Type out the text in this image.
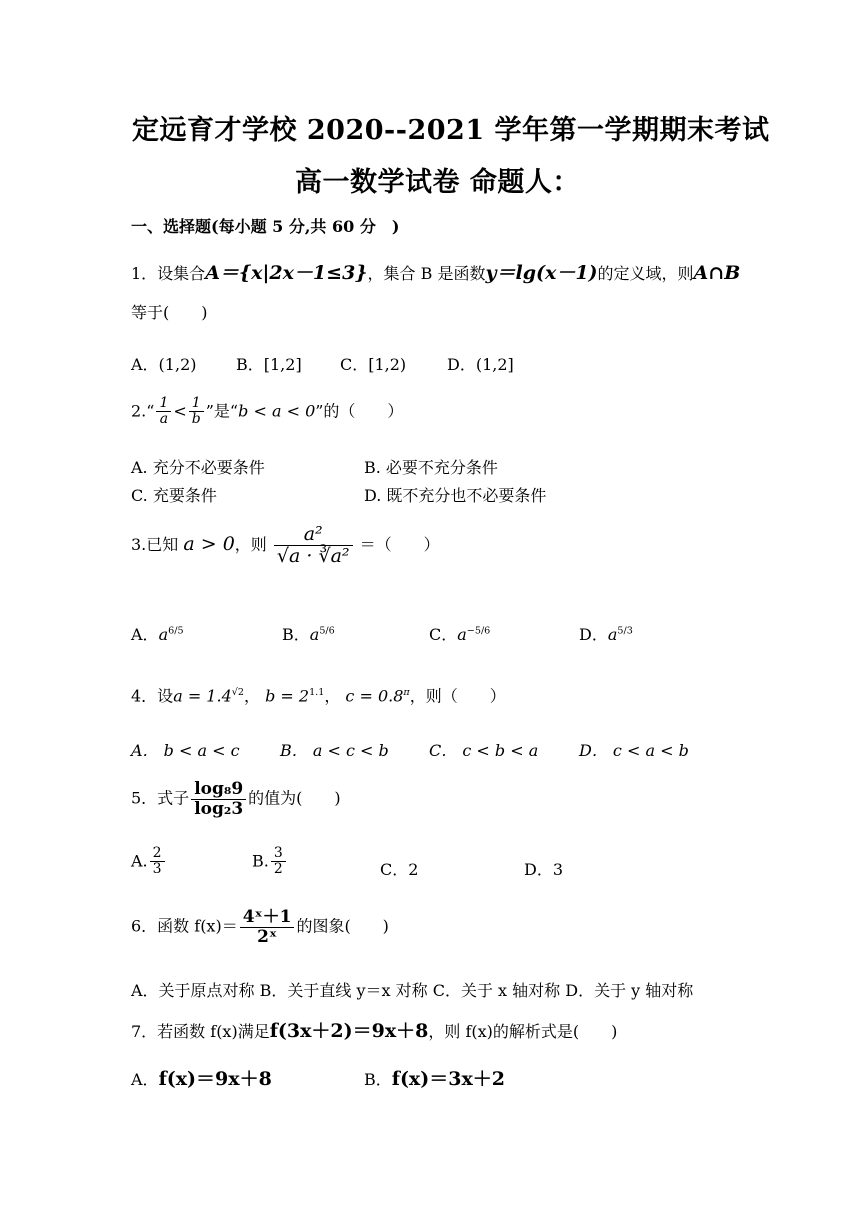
定远育才学校 2020--2021 学年第一学期期末考试
高一数学试卷 命题人：
一、选择题(每小题 5 分,共 60 分　)
1．设集合A＝{x|2x－1≤3}，集合 B 是函数y＝lg(x－1)的定义域，则A∩B
等于(　　)
A．(1,2) B．[1,2] C．[1,2)	D．(1,2]
2.“ $\frac{1}{a} < \frac{1}{b}$ ”是“b < a < 0”的（　　）
A. 充分不必要条件	B. 必要不充分条件
C. 充要条件	D. 既不充分也不必要条件
3.已知 a > 0，则 $\frac{\text{a²}}{\text{√a · ∛a²}}$ ＝（　　）
A．$a^{6/5}$	B．$a^{5/6}$	C．$a^{-5/6}$	D．$a^{5/3}$
4．设$a = 1.4^{√2}$， $b = 2^{1.1}$， $c = 0.8^\pi$，则（　　）
A． b < a < c	B． a < c < b	C． c < b < a	D． c < a < b
5．式子 $\frac{\text{log₈9}}{\text{log₂3}}$ 的值为(　　)
A. $\frac{2}{3}$	B. $\frac{3}{2}$	C．2	D．3
6．函数 $f(x)= \frac{\text{4ˣ＋1}}{\text{2ˣ}}$ 的图象(　　)
A．关于原点对称 B．关于直线 y＝x 对称 C．关于 x 轴对称 D．关于 y 轴对称
7．若函数 f(x)满足f(3x＋2)＝9x＋8，则 f(x)的解析式是(　　)
A．f(x)＝9x＋8	B．f(x)＝3x＋2
